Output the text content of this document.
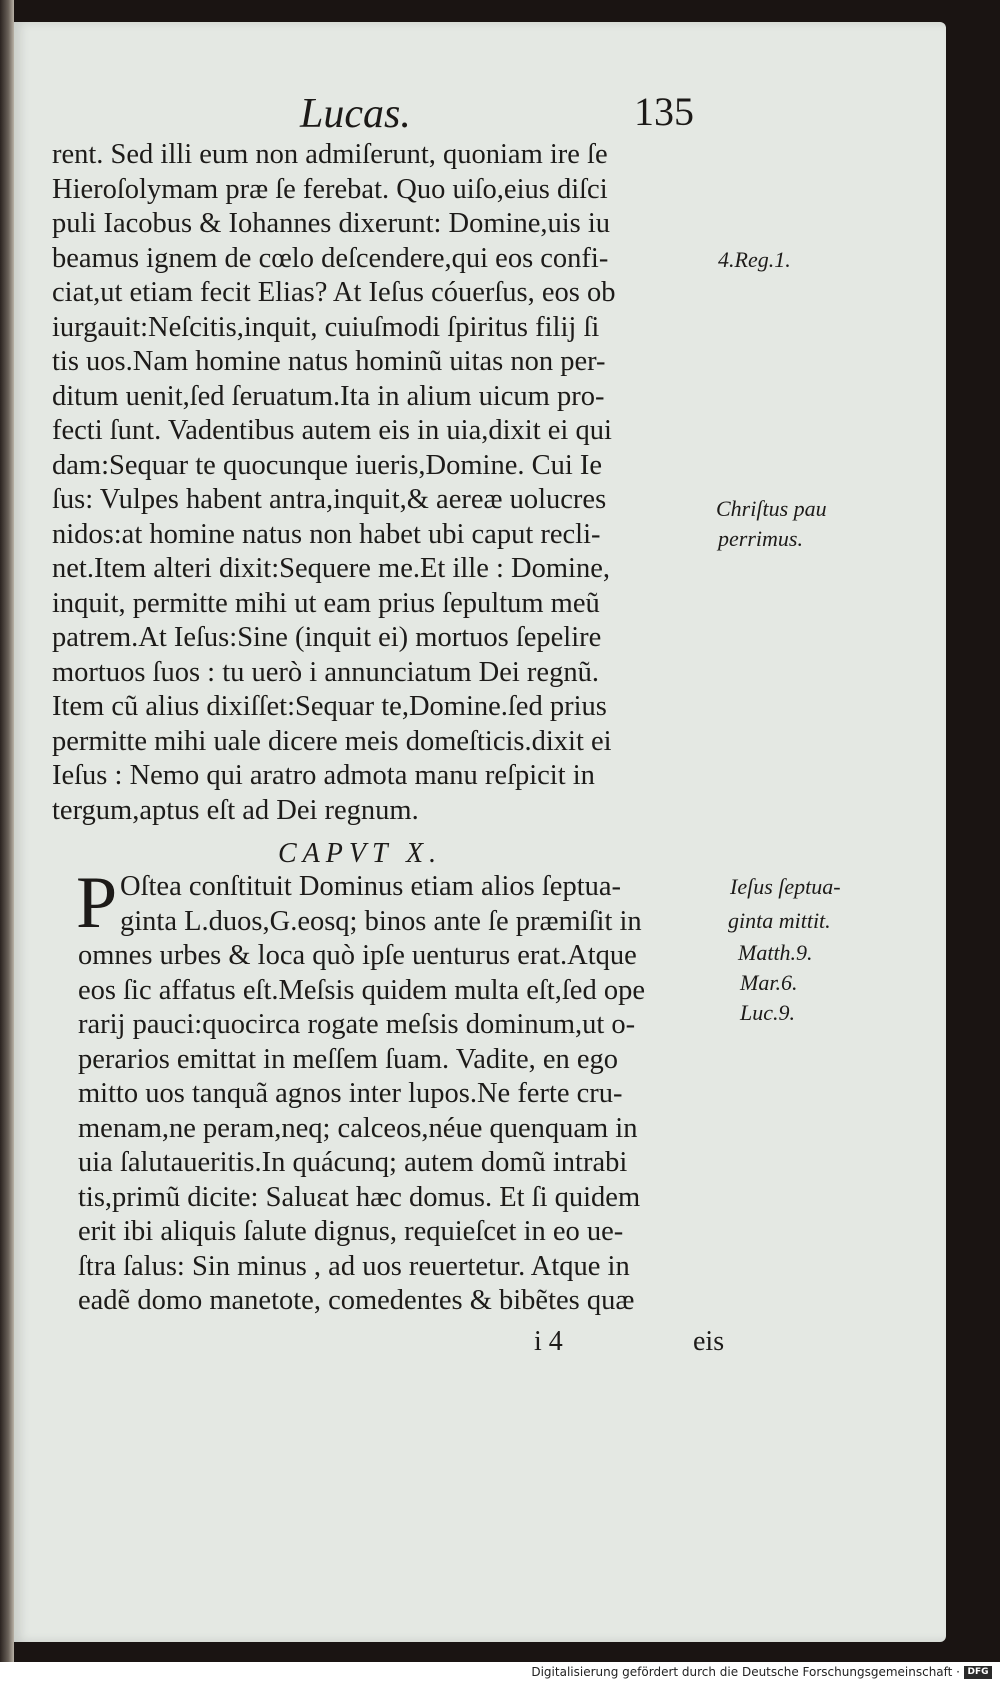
Lucas.	135
rent. Sed illi eum non admiſerunt, quoniam ire ſe
Hieroſolymam præ ſe ferebat. Quo uiſo,eius diſci
puli Iacobus & Iohannes dixerunt: Domine,uis iu
beamus ignem de cœlo deſcendere,qui eos confi-
ciat,ut etiam fecit Elias? At Ieſus cóuerſus, eos ob
iurgauit:Neſcitis,inquit, cuiuſmodi ſpiritus filij ſi
tis uos.Nam homine natus hominũ uitas non per-
ditum uenit,ſed ſeruatum.Ita in alium uicum pro-
fecti ſunt. Vadentibus autem eis in uia,dixit ei qui
dam:Sequar te quocunque iueris,Domine. Cui Ie
ſus: Vulpes habent antra,inquit,& aereæ uolucres
nidos:at homine natus non habet ubi caput recli-
net.Item alteri dixit:Sequere me.Et ille : Domine,
inquit, permitte mihi ut eam prius ſepultum meũ
patrem.At Ieſus:Sine (inquit ei) mortuos ſepelire
mortuos ſuos : tu uerò i annunciatum Dei regnũ.
Item cũ alius dixiſſet:Sequar te,Domine.ſed prius
permitte mihi uale dicere meis domeſticis.dixit ei
Ieſus : Nemo qui aratro admota manu reſpicit in
tergum,aptus eſt ad Dei regnum.
CAPVT X.
P Oſtea conſtituit Dominus etiam alios ſeptua-
ginta L.duos,G.eosq; binos ante ſe præmiſit in
omnes urbes & loca quò ipſe uenturus erat.Atque
eos ſic affatus eſt.Meſsis quidem multa eſt,ſed ope
rarij pauci:quocirca rogate meſsis dominum,ut o-
perarios emittat in meſſem ſuam. Vadite, en ego
mitto uos tanquã agnos inter lupos.Ne ferte cru-
menam,ne peram,neq; calceos,néue quenquam in
uia ſalutaueritis.In quácunq; autem domũ intrabi
tis,primũ dicite: Saluεat hæc domus. Et ſi quidem
erit ibi aliquis ſalute dignus, requieſcet in eo ue-
ſtra ſalus: Sin minus , ad uos reuertetur. Atque in
eadẽ domo manetote, comedentes & bibẽtes quæ
i 4	eis
4.Reg.1.
Chriſtus pau
perrimus.
Ieſus ſeptua-
ginta mittit.
Matth.9.
Mar.6.
Luc.9.
Digitalisierung gefördert durch die Deutsche Forschungsgemeinschaft · DFG
